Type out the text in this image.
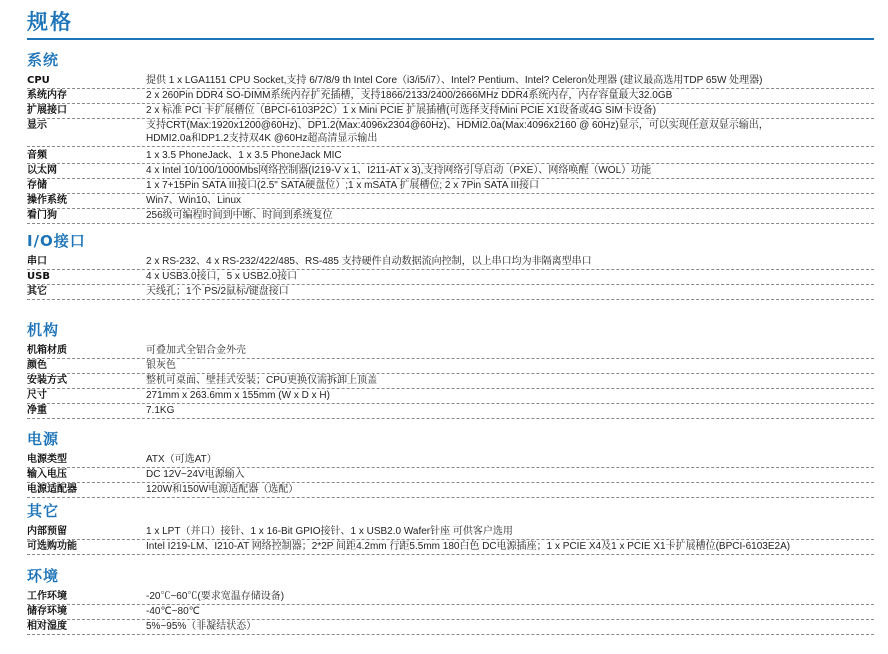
规格
系统
CPU	提供 1 x LGA1151 CPU Socket,支持 6/7/8/9 th Intel Core（i3/i5/i7）、Intel? Pentium、Intel? Celeron处理器 (建议最高选用TDP 65W 处理器)
系统内存	2 x 260Pin DDR4 SO-DIMM系统内存扩充插槽，支持1866/2133/2400/2666MHz DDR4系统内存，内存容量最大32.0GB
扩展接口	2 x 标准 PCI 卡扩展槽位（BPCI-6103P2C）1 x Mini PCIE 扩展插槽(可选择支持Mini PCIE X1设备或4G SIM卡设备)
显示	支持CRT(Max:1920x1200@60Hz)、DP1.2(Max:4096x2304@60Hz)、HDMI2.0a(Max:4096x2160 @ 60Hz)显示，可以实现任意双显示输出，
HDMI2.0a和DP1.2支持双4K @60Hz超高清显示输出
音频	1 x 3.5 PhoneJack、1 x 3.5 PhoneJack MIC
以太网	4 x Intel 10/100/1000Mbs网络控制器(I219-V x 1、I211-AT x 3),支持网络引导启动（PXE）、网络唤醒（WOL）功能
存储	1 x 7+15Pin SATA III接口(2.5" SATA硬盘位）;1 x mSATA 扩展槽位; 2 x 7Pin SATA III接口
操作系统	Win7、Win10、Linux
看门狗	256级可编程时间到中断、时间到系统复位
I/O接口
串口	2 x RS-232、4 x RS-232/422/485、RS-485 支持硬件自动数据流向控制，以上串口均为非隔离型串口
USB	4 x USB3.0接口，5 x USB2.0接口
其它	天线孔；1个 PS/2鼠标/键盘接口
机构
机箱材质	可叠加式全铝合金外壳
颜色	银灰色
安装方式	整机可桌面、壁挂式安装；CPU更换仅需拆卸上顶盖
尺寸	271mm x 263.6mm x 155mm (W x D x H)
净重	7.1KG
电源
电源类型	ATX（可选AT）
输入电压	DC 12V~24V电源输入
电源适配器	120W和150W电源适配器（选配）
其它
内部预留	1 x LPT（并口）接针、1 x 16-Bit GPIO接针、1 x USB2.0 Wafer针座 可供客户选用
可选购功能	Intel I219-LM、I210-AT 网络控制器；2*2P 间距4.2mm 行距5.5mm 180白色 DC电源插座；1 x PCIE X4及1 x PCIE X1卡扩展槽位(BPCI-6103E2A)
环境
工作环境	-20℃~60℃(要求宽温存储设备)
储存环境	-40℃~80℃
相对湿度	5%~95%（非凝结状态）
